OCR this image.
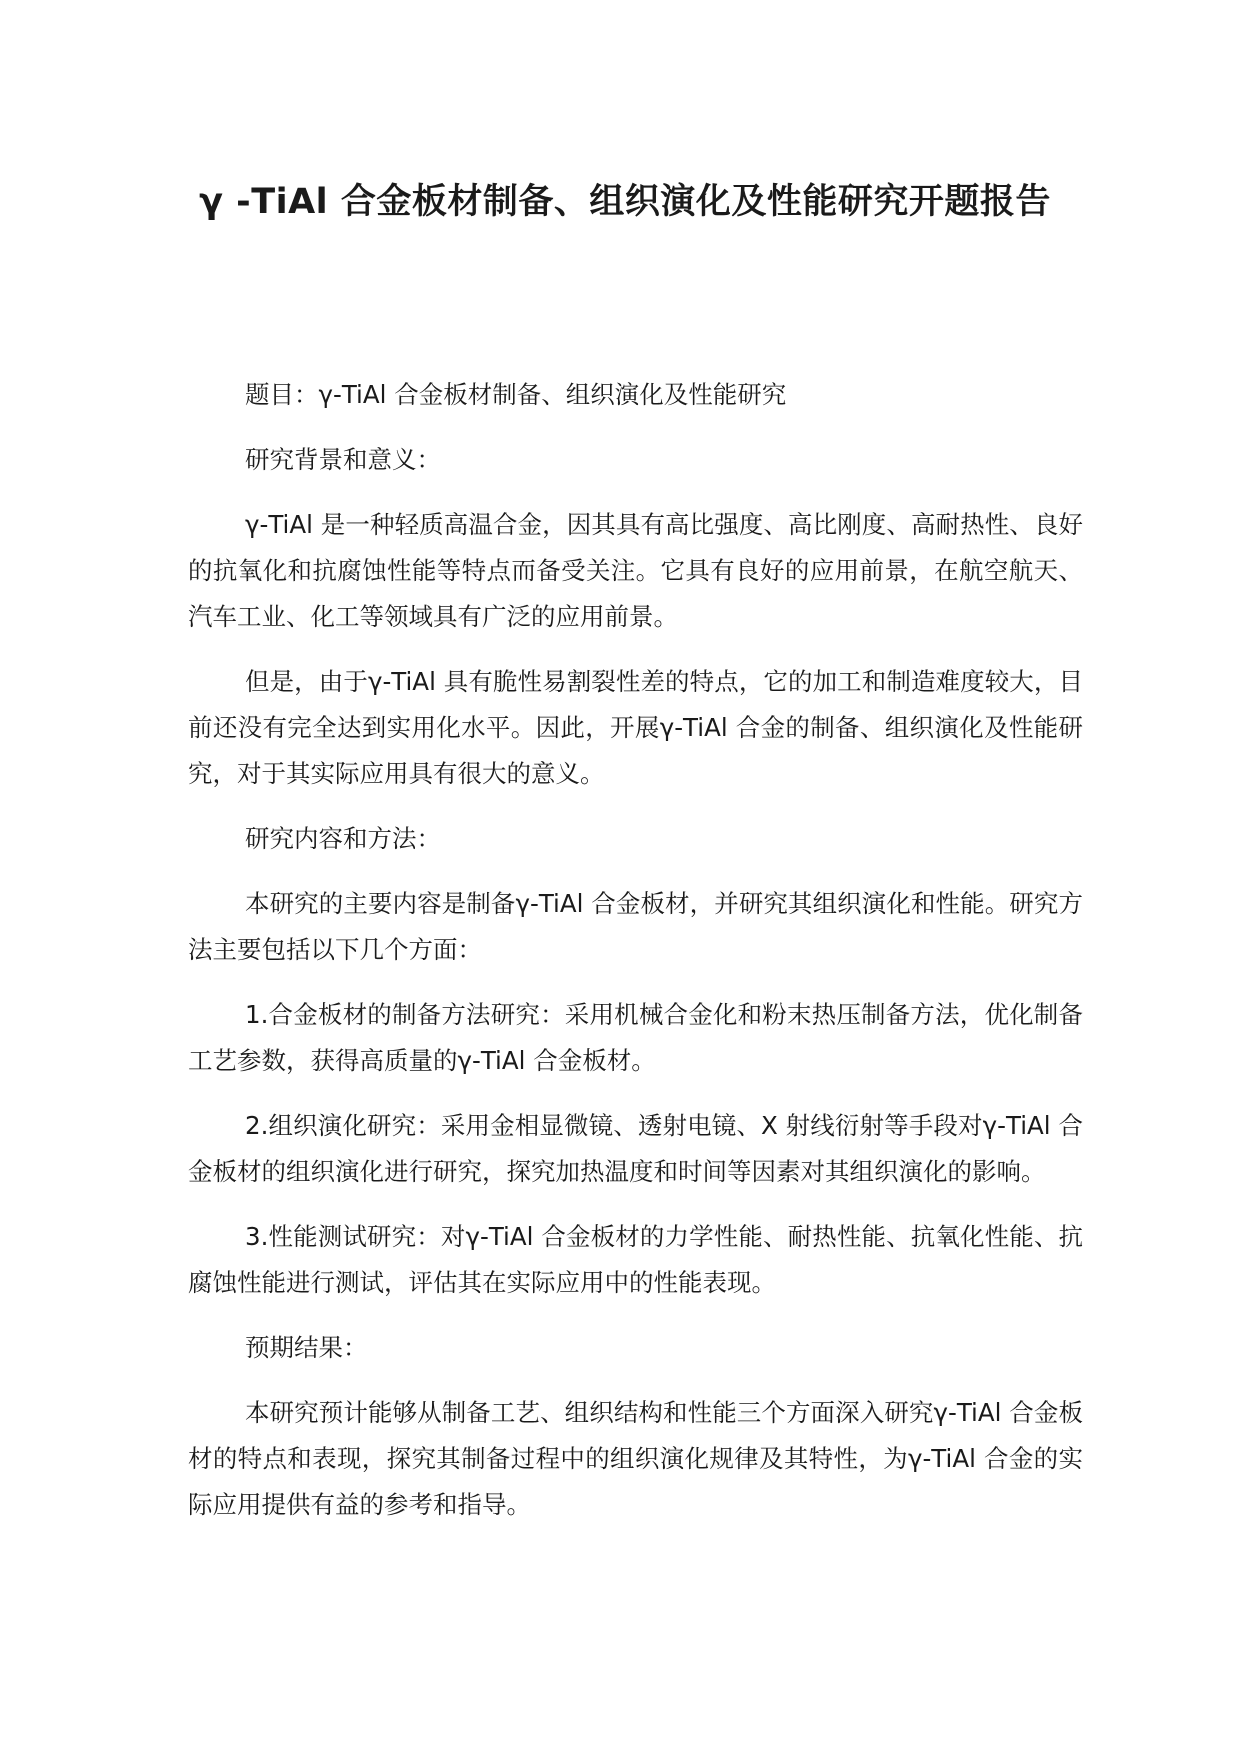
γ -TiAl 合金板材制备、组织演化及性能研究开题报告

题目：γ-TiAl 合金板材制备、组织演化及性能研究

研究背景和意义：

γ-TiAl 是一种轻质高温合金，因其具有高比强度、高比刚度、高耐热性、良好的抗氧化和抗腐蚀性能等特点而备受关注。它具有良好的应用前景，在航空航天、汽车工业、化工等领域具有广泛的应用前景。

但是，由于γ-TiAl 具有脆性易割裂性差的特点，它的加工和制造难度较大，目前还没有完全达到实用化水平。因此，开展γ-TiAl 合金的制备、组织演化及性能研究，对于其实际应用具有很大的意义。

研究内容和方法：

本研究的主要内容是制备γ-TiAl 合金板材，并研究其组织演化和性能。研究方法主要包括以下几个方面：

1.合金板材的制备方法研究：采用机械合金化和粉末热压制备方法，优化制备工艺参数，获得高质量的γ-TiAl 合金板材。

2.组织演化研究：采用金相显微镜、透射电镜、X 射线衍射等手段对γ-TiAl 合金板材的组织演化进行研究，探究加热温度和时间等因素对其组织演化的影响。

3.性能测试研究：对γ-TiAl 合金板材的力学性能、耐热性能、抗氧化性能、抗腐蚀性能进行测试，评估其在实际应用中的性能表现。

预期结果：

本研究预计能够从制备工艺、组织结构和性能三个方面深入研究γ-TiAl 合金板材的特点和表现，探究其制备过程中的组织演化规律及其特性，为γ-TiAl 合金的实际应用提供有益的参考和指导。
